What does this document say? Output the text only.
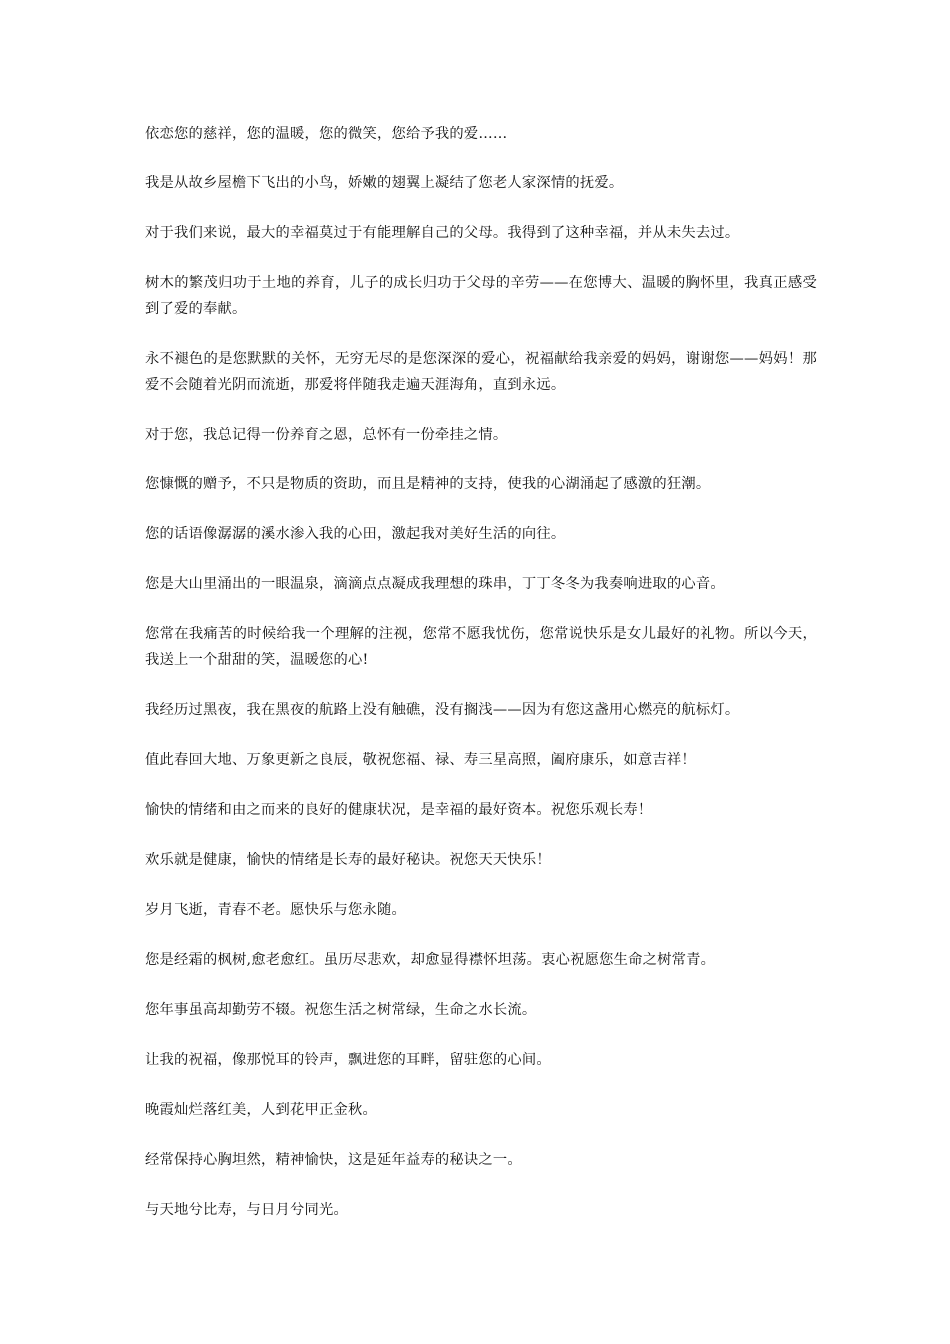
依恋您的慈祥，您的温暖，您的微笑，您给予我的爱……

我是从故乡屋檐下飞出的小鸟，娇嫩的翅翼上凝结了您老人家深情的抚爱。

对于我们来说，最大的幸福莫过于有能理解自己的父母。我得到了这种幸福，并从未失去过。

树木的繁茂归功于土地的养育，儿子的成长归功于父母的辛劳——在您博大、温暖的胸怀里，我真正感受到了爱的奉献。

永不褪色的是您默默的关怀，无穷无尽的是您深深的爱心，祝福献给我亲爱的妈妈，谢谢您——妈妈！那爱不会随着光阴而流逝，那爱将伴随我走遍天涯海角，直到永远。

对于您，我总记得一份养育之恩，总怀有一份牵挂之情。

您慷慨的赠予，不只是物质的资助，而且是精神的支持，使我的心湖涌起了感激的狂潮。

您的话语像潺潺的溪水渗入我的心田，激起我对美好生活的向往。

您是大山里涌出的一眼温泉，滴滴点点凝成我理想的珠串，丁丁冬冬为我奏响进取的心音。

您常在我痛苦的时候给我一个理解的注视，您常不愿我忧伤，您常说快乐是女儿最好的礼物。所以今天，我送上一个甜甜的笑，温暖您的心!

我经历过黑夜，我在黑夜的航路上没有触礁，没有搁浅——因为有您这盏用心燃亮的航标灯。

值此春回大地、万象更新之良辰，敬祝您福、禄、寿三星高照，阖府康乐，如意吉祥！

愉快的情绪和由之而来的良好的健康状况，是幸福的最好资本。祝您乐观长寿！

欢乐就是健康，愉快的情绪是长寿的最好秘诀。祝您天天快乐！

岁月飞逝，青春不老。愿快乐与您永随。

您是经霜的枫树,愈老愈红。虽历尽悲欢，却愈显得襟怀坦荡。衷心祝愿您生命之树常青。

您年事虽高却勤劳不辍。祝您生活之树常绿，生命之水长流。

让我的祝福，像那悦耳的铃声，飘进您的耳畔，留驻您的心间。

晚霞灿烂落红美，人到花甲正金秋。

经常保持心胸坦然，精神愉快，这是延年益寿的秘诀之一。

与天地兮比寿，与日月兮同光。
